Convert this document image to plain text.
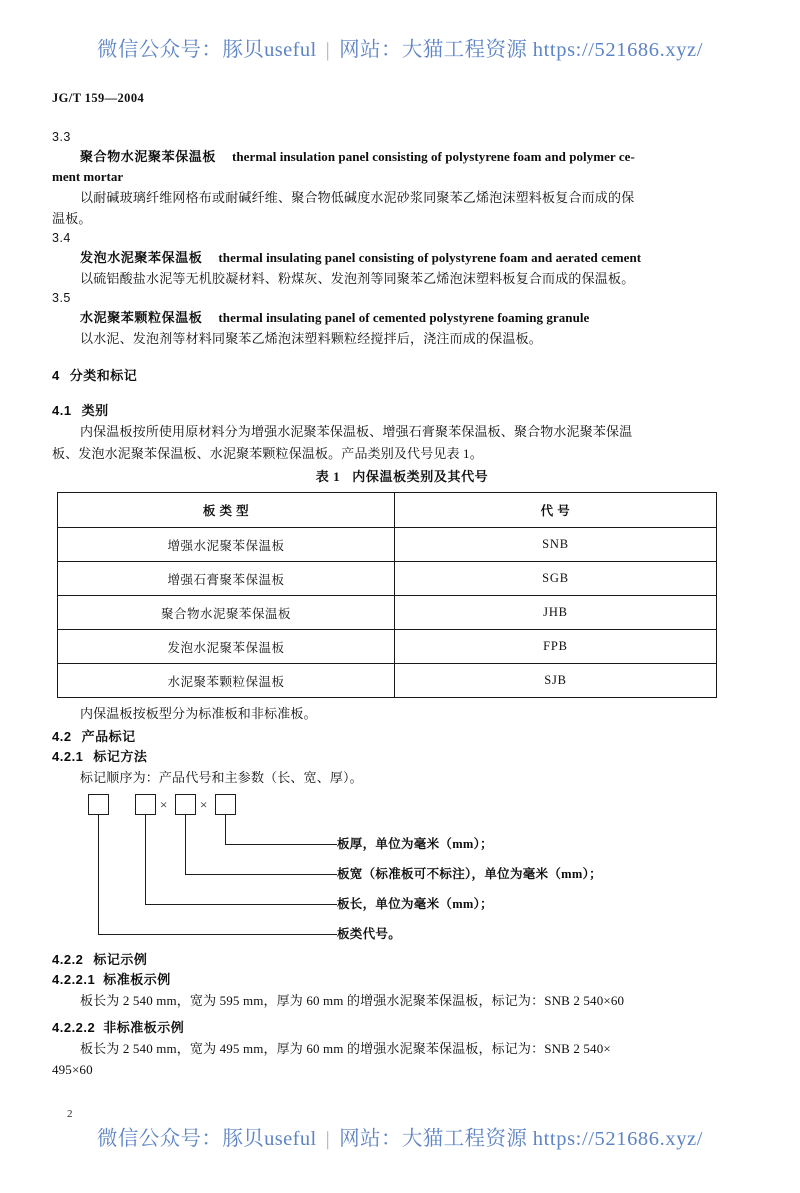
微信公众号：豚贝useful | 网站：大猫工程资源 https://521686.xyz/
JG/T 159—2004

3.3

聚合物水泥聚苯保温板 thermal insulation panel consisting of polystyrene foam and polymer ce-

ment mortar

以耐碱玻璃纤维网格布或耐碱纤维、聚合物低碱度水泥砂浆同聚苯乙烯泡沫塑料板复合而成的保

温板。

3.4

发泡水泥聚苯保温板 thermal insulating panel consisting of polystyrene foam and aerated cement

以硫铝酸盐水泥等无机胶凝材料、粉煤灰、发泡剂等同聚苯乙烯泡沫塑料板复合而成的保温板。

3.5

水泥聚苯颗粒保温板 thermal insulating panel of cemented polystyrene foaming granule

以水泥、发泡剂等材料同聚苯乙烯泡沫塑料颗粒经搅拌后，浇注而成的保温板。

4 分类和标记

4.1 类别

内保温板按所使用原材料分为增强水泥聚苯保温板、增强石膏聚苯保温板、聚合物水泥聚苯保温

板、发泡水泥聚苯保温板、水泥聚苯颗粒保温板。产品类别及代号见表 1。

表 1 内保温板类别及其代号

板 类 型	代 号
增强水泥聚苯保温板	SNB
增强石膏聚苯保温板	SGB
聚合物水泥聚苯保温板	JHB
发泡水泥聚苯保温板	FPB
水泥聚苯颗粒保温板	SJB

内保温板按板型分为标准板和非标准板。

4.2 产品标记

4.2.1 标记方法

标记顺序为：产品代号和主参数（长、宽、厚）。

×	×
板厚，单位为毫米（mm）；
板宽（标准板可不标注），单位为毫米（mm）；
板长，单位为毫米（mm）；
板类代号。

4.2.2 标记示例

4.2.2.1 标准板示例

板长为 2 540 mm，宽为 595 mm，厚为 60 mm 的增强水泥聚苯保温板，标记为：SNB 2 540×60

4.2.2.2 非标准板示例

板长为 2 540 mm，宽为 495 mm，厚为 60 mm 的增强水泥聚苯保温板，标记为：SNB 2 540×

495×60

2
微信公众号：豚贝useful | 网站：大猫工程资源 https://521686.xyz/
